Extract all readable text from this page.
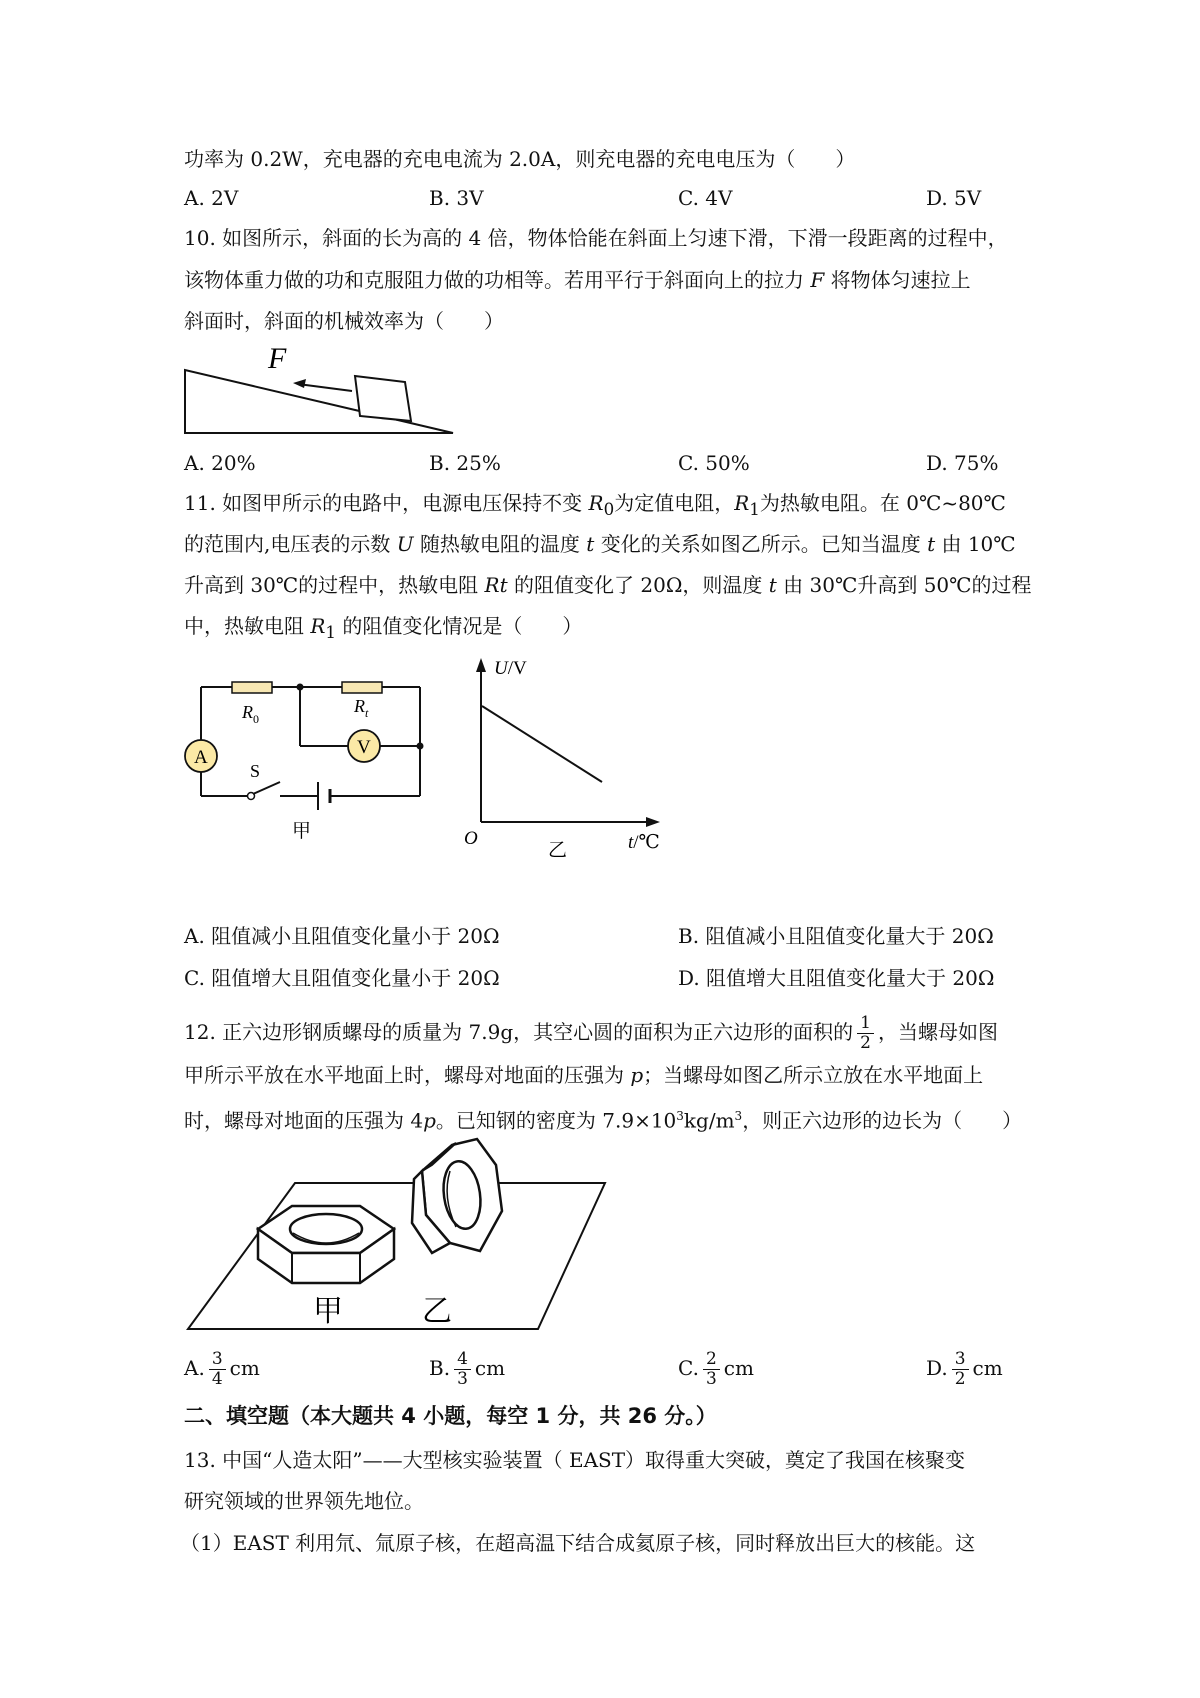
功率为 0.2W，充电器的充电电流为 2.0A，则充电器的充电电压为（　　）
A. 2V	B. 3V	C. 4V	D. 5V
10. 如图所示，斜面的长为高的 4 倍，物体恰能在斜面上匀速下滑，下滑一段距离的过程中，
该物体重力做的功和克服阻力做的功相等。若用平行于斜面向上的拉力 F 将物体匀速拉上
斜面时，斜面的机械效率为（　　）
F
A. 20%	B. 25%	C. 50%	D. 75%
11. 如图甲所示的电路中，电源电压保持不变 $R_0$为定值电阻，$R_1$为热敏电阻。在 0℃~80℃
的范围内,电压表的示数 U 随热敏电阻的温度 t 变化的关系如图乙所示。已知当温度 t 由 10℃
升高到 30℃的过程中，热敏电阻 Rt 的阻值变化了 20Ω，则温度 t 由 30℃升高到 50℃的过程
中，热敏电阻 $R_1$ 的阻值变化情况是（　　）
$R_0$
$R_t$
A	V
S
甲
U/V
O	t/℃
乙
A. 阻值减小且阻值变化量小于 20Ω	B. 阻值减小且阻值变化量大于 20Ω
C. 阻值增大且阻值变化量小于 20Ω	D. 阻值增大且阻值变化量大于 20Ω
12. 正六边形钢质螺母的质量为 7.9g，其空心圆的面积为正六边形的面积的 $\frac{1}{2}$ ，当螺母如图
甲所示平放在水平地面上时，螺母对地面的压强为 p；当螺母如图乙所示立放在水平地面上
时，螺母对地面的压强为 4p。已知钢的密度为 $7.9\times 10^3kg/m^3$，则正六边形的边长为（　　）
甲	乙
A. $\frac{3}{4}$ cm	B. $\frac{4}{3}$ cm	C. $\frac{2}{3}$ cm	D. $\frac{3}{2}$ cm
二、填空题（本大题共 4 小题，每空 1 分，共 26 分。）
13. 中国“人造太阳”——大型核实验装置（ EAST）取得重大突破，奠定了我国在核聚变
研究领域的世界领先地位。
（1）EAST 利用氘、氚原子核，在超高温下结合成氦原子核，同时释放出巨大的核能。这
